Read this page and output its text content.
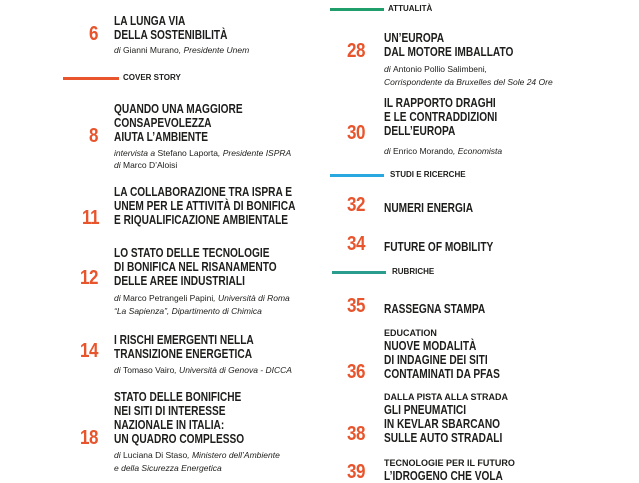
COVER STORY
ATTUALITÀ
STUDI E RICERCHE
RUBRICHE
6
LA LUNGA VIA
DELLA SOSTENIBILITÀ
di Gianni Murano, Presidente Unem
8
QUANDO UNA MAGGIORE
CONSAPEVOLEZZA
AIUTA L’AMBIENTE
intervista a Stefano Laporta, Presidente ISPRA
di Marco D’Aloisi
11
LA COLLABORAZIONE TRA ISPRA E
UNEM PER LE ATTIVITÀ DI BONIFICA
E RIQUALIFICAZIONE AMBIENTALE
12
LO STATO DELLE TECNOLOGIE
DI BONIFICA NEL RISANAMENTO
DELLE AREE INDUSTRIALI
di Marco Petrangeli Papini, Università di Roma
“La Sapienza”, Dipartimento di Chimica
14
I RISCHI EMERGENTI NELLA
TRANSIZIONE ENERGETICA
di Tomaso Vairo, Università di Genova - DICCA
18
STATO DELLE BONIFICHE
NEI SITI DI INTERESSE
NAZIONALE IN ITALIA:
UN QUADRO COMPLESSO
di Luciana Di Staso, Ministero dell’Ambiente
e della Sicurezza Energetica
28
UN’EUROPA
DAL MOTORE IMBALLATO
di Antonio Pollio Salimbeni,
Corrispondente da Bruxelles del Sole 24 Ore
30
IL RAPPORTO DRAGHI
E LE CONTRADDIZIONI
DELL’EUROPA
di Enrico Morando, Economista
32 NUMERI ENERGIA
34 FUTURE OF MOBILITY
35 RASSEGNA STAMPA
36
EDUCATION
NUOVE MODALITÀ
DI INDAGINE DEI SITI
CONTAMINATI DA PFAS
38
DALLA PISTA ALLA STRADA
GLI PNEUMATICI
IN KEVLAR SBARCANO
SULLE AUTO STRADALI
39 TECNOLOGIE PER IL FUTURO
L’IDROGENO CHE VOLA
